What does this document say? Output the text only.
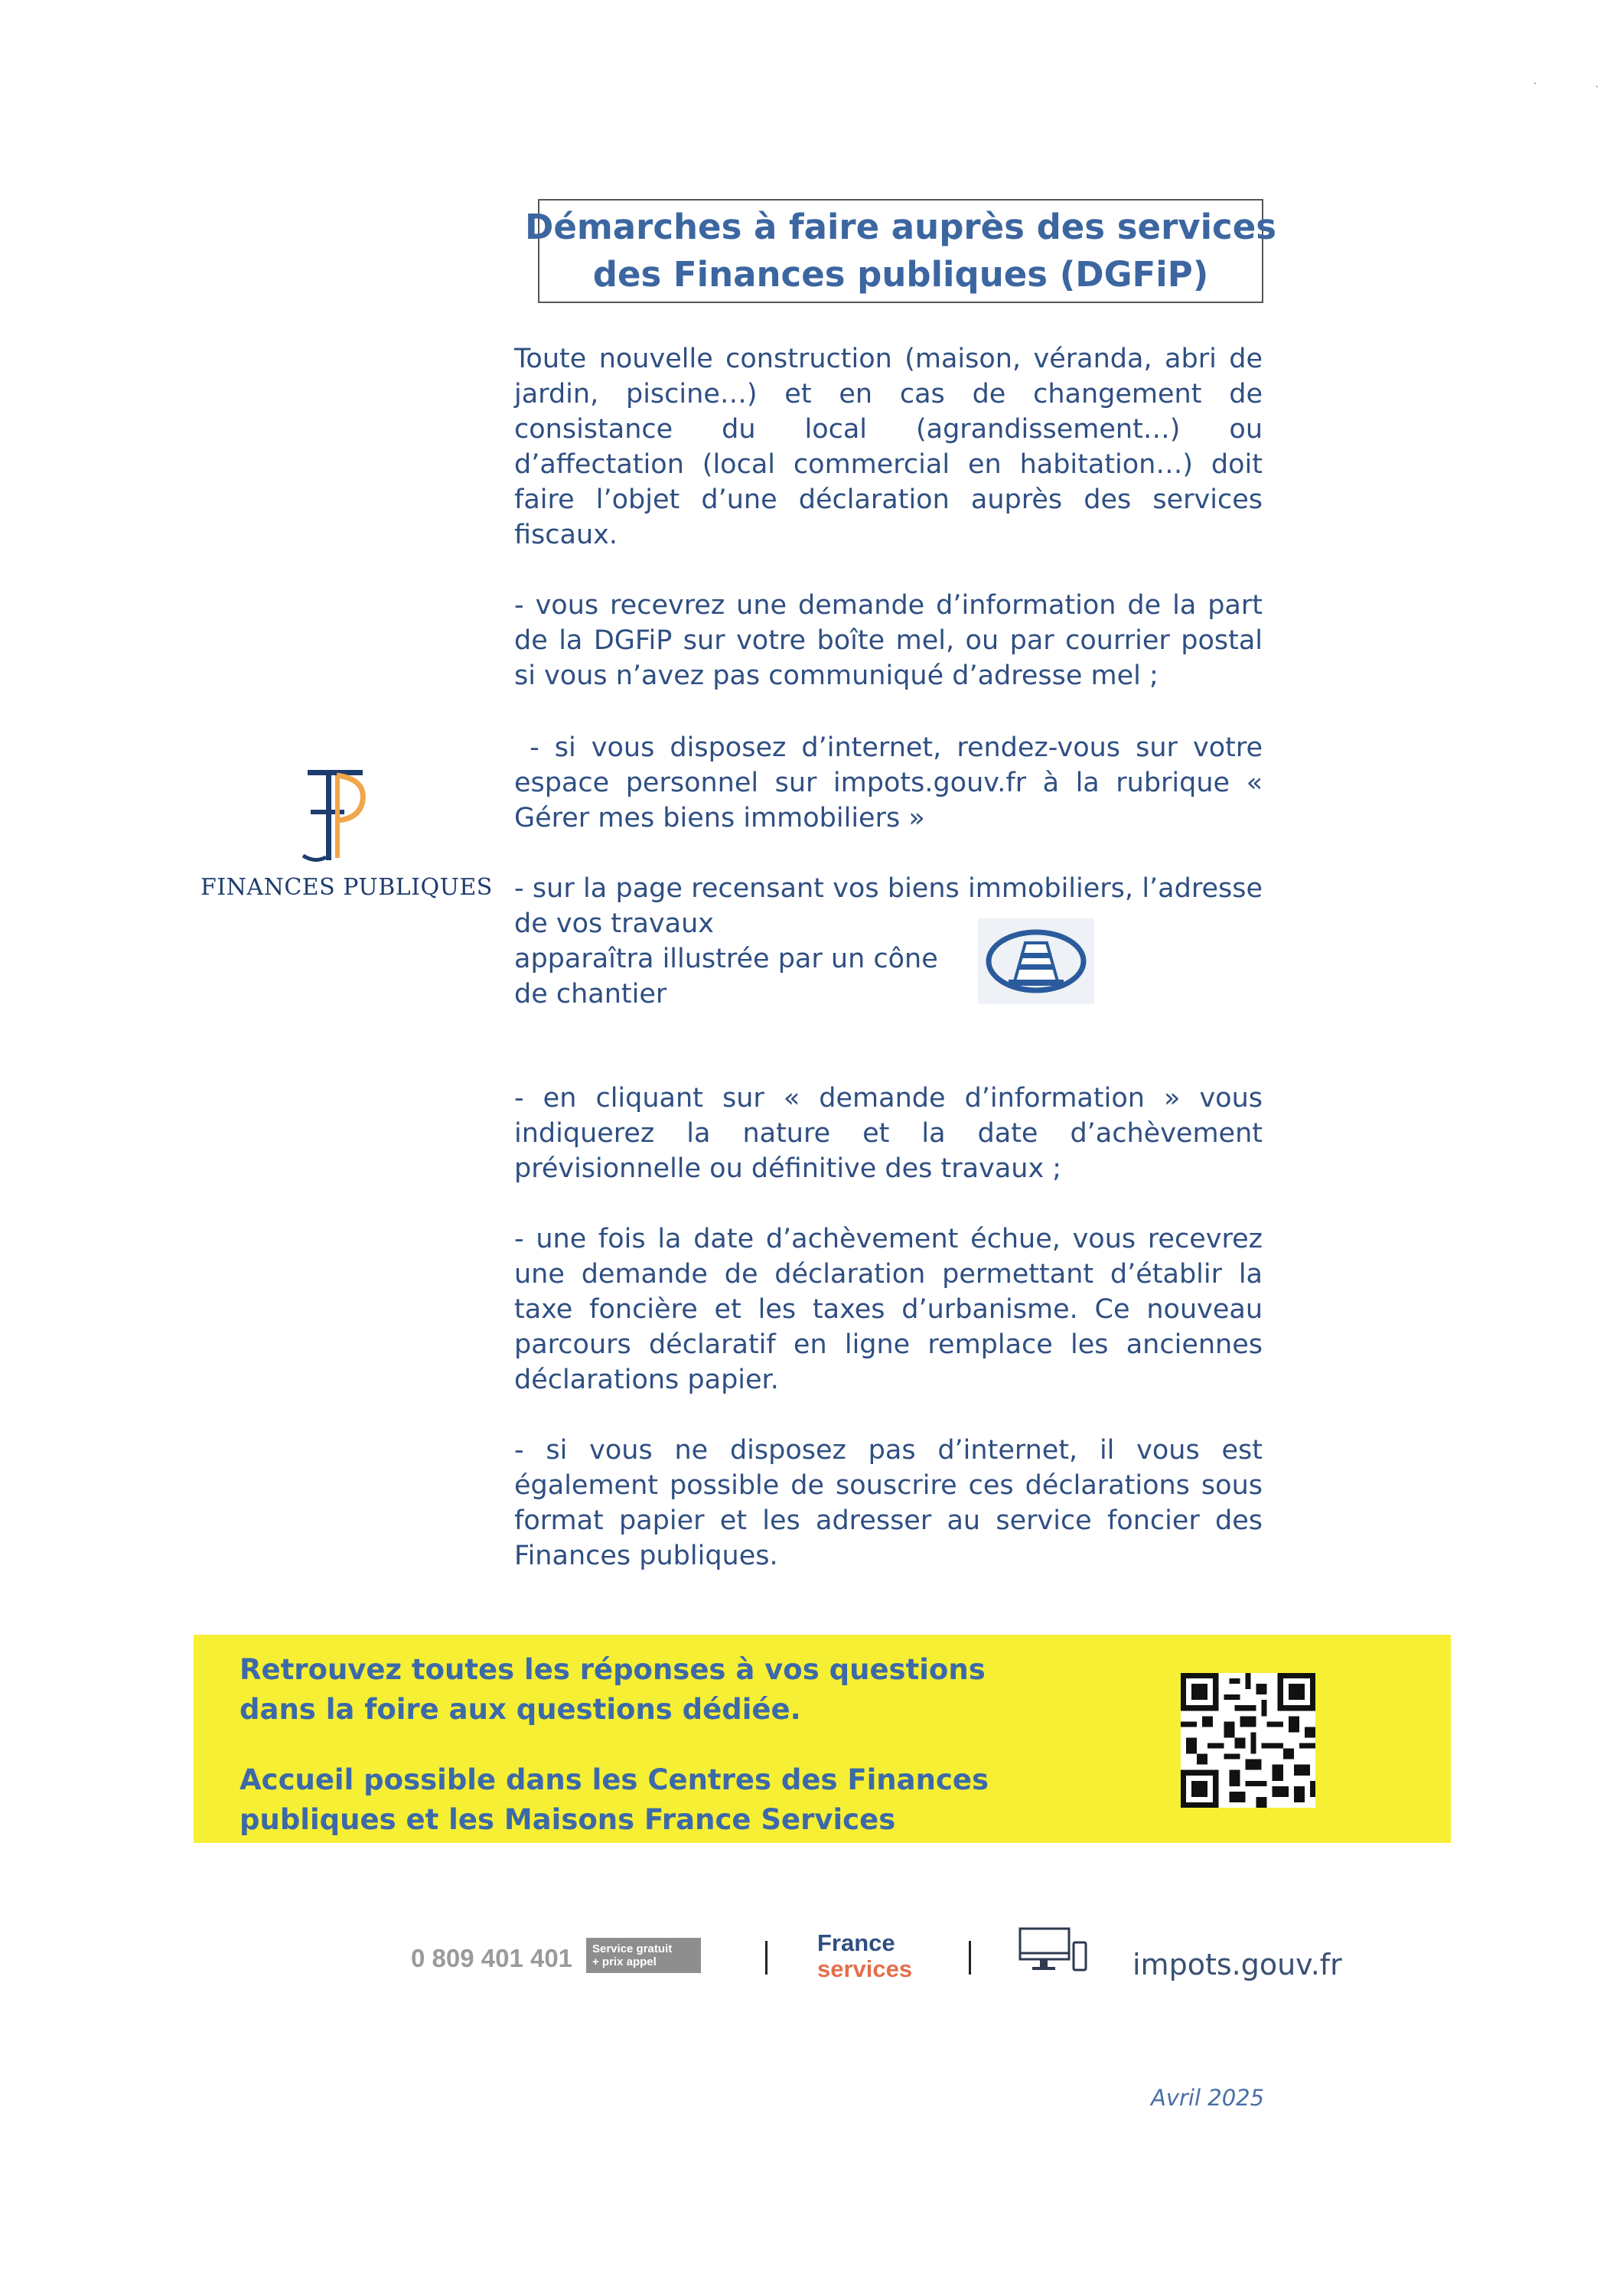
Démarches à faire auprès des services
des Finances publiques (DGFiP)
Toute nouvelle construction (maison, véranda, abri de jardin, piscine…) et en cas de changement de consistance du local (agrandissement…) ou d’affectation (local commercial en habitation…) doit faire l’objet d’une déclaration auprès des services fiscaux.
- vous recevrez une demande d’information de la part de la DGFiP sur votre boîte mel, ou par courrier postal si vous n’avez pas communiqué d’adresse mel ;
- si vous disposez d’internet, rendez-vous sur votre espace personnel sur impots.gouv.fr à la rubrique « Gérer mes biens immobiliers »
- sur la page recensant vos biens immobiliers, l’adresse de vos travaux
apparaîtra illustrée par un cône
de chantier
- en cliquant sur « demande d’information » vous indiquerez la nature et la date d’achèvement prévisionnelle ou définitive des travaux ;
- une fois la date d’achèvement échue, vous recevrez une demande de déclaration permettant d’établir la taxe foncière et les taxes d’urbanisme. Ce nouveau parcours déclaratif en ligne remplace les anciennes déclarations papier.
- si vous ne disposez pas d’internet, il vous est également possible de souscrire ces déclarations sous format papier et les adresser au service foncier des Finances publiques.
FINANCES PUBLIQUES
Retrouvez toutes les réponses à vos questions
dans la foire aux questions dédiée.
Accueil possible dans les Centres des Finances
publiques et les Maisons France Services
0 809 401 401 Service gratuit
+ prix appel
France
services	impots.gouv.fr
Avril 2025
